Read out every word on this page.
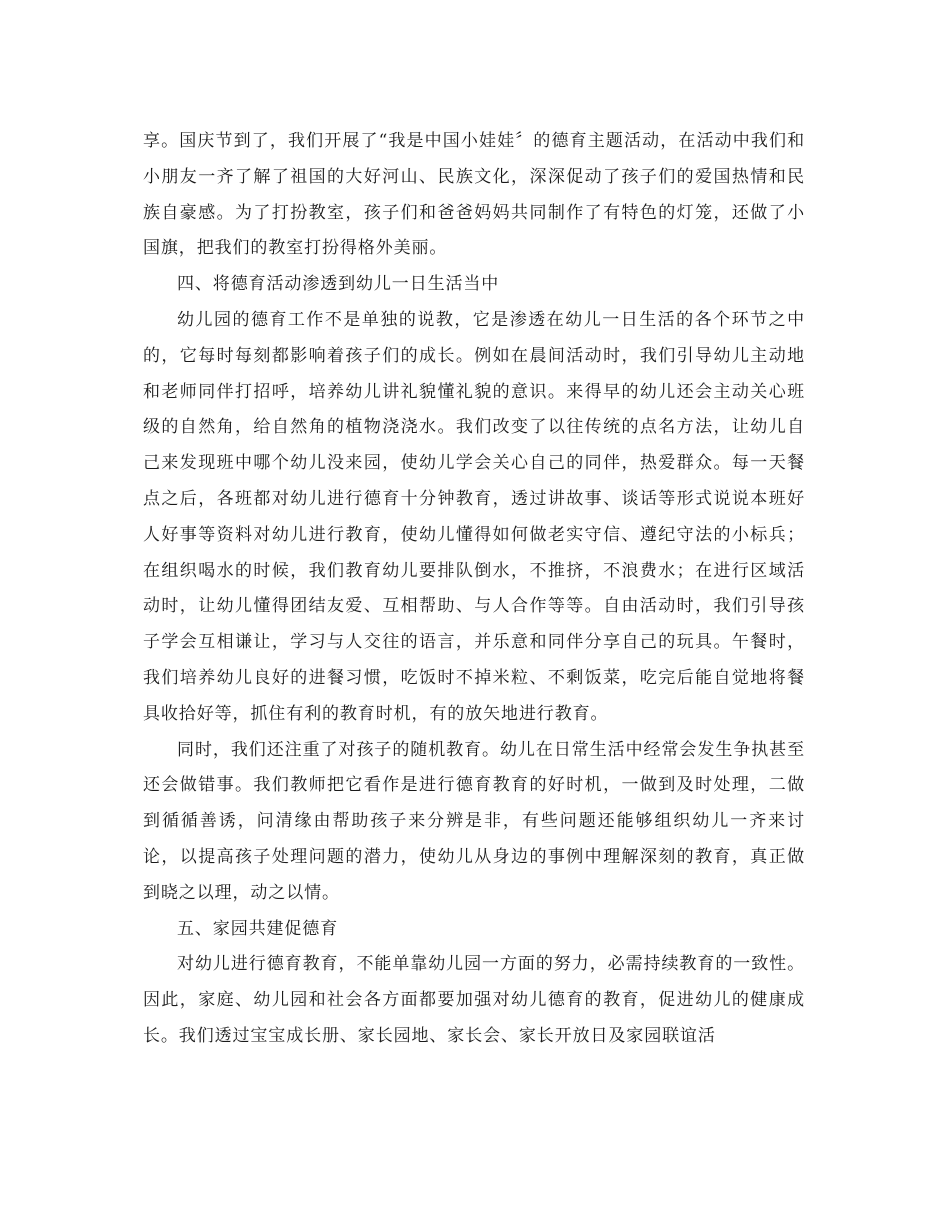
享。国庆节到了，我们开展了“我是中国小娃娃〞的德育主题活动，在活动中我们和小朋友一齐了解了祖国的大好河山、民族文化，深深促动了孩子们的爱国热情和民族自豪感。为了打扮教室，孩子们和爸爸妈妈共同制作了有特色的灯笼，还做了小国旗，把我们的教室打扮得格外美丽。

四、将德育活动渗透到幼儿一日生活当中

幼儿园的德育工作不是单独的说教，它是渗透在幼儿一日生活的各个环节之中的，它每时每刻都影响着孩子们的成长。例如在晨间活动时，我们引导幼儿主动地和老师同伴打招呼，培养幼儿讲礼貌懂礼貌的意识。来得早的幼儿还会主动关心班级的自然角，给自然角的植物浇浇水。我们改变了以往传统的点名方法，让幼儿自己来发现班中哪个幼儿没来园，使幼儿学会关心自己的同伴，热爱群众。每一天餐点之后，各班都对幼儿进行德育十分钟教育，透过讲故事、谈话等形式说说本班好人好事等资料对幼儿进行教育，使幼儿懂得如何做老实守信、遵纪守法的小标兵；在组织喝水的时候，我们教育幼儿要排队倒水，不推挤，不浪费水；在进行区域活动时，让幼儿懂得团结友爱、互相帮助、与人合作等等。自由活动时，我们引导孩子学会互相谦让，学习与人交往的语言，并乐意和同伴分享自己的玩具。午餐时，我们培养幼儿良好的进餐习惯，吃饭时不掉米粒、不剩饭菜，吃完后能自觉地将餐具收拾好等，抓住有利的教育时机，有的放矢地进行教育。

同时，我们还注重了对孩子的随机教育。幼儿在日常生活中经常会发生争执甚至还会做错事。我们教师把它看作是进行德育教育的好时机，一做到及时处理，二做到循循善诱，问清缘由帮助孩子来分辨是非，有些问题还能够组织幼儿一齐来讨论，以提高孩子处理问题的潜力，使幼儿从身边的事例中理解深刻的教育，真正做到晓之以理，动之以情。

五、家园共建促德育

对幼儿进行德育教育，不能单靠幼儿园一方面的努力，必需持续教育的一致性。因此，家庭、幼儿园和社会各方面都要加强对幼儿德育的教育，促进幼儿的健康成长。我们透过宝宝成长册、家长园地、家长会、家长开放日及家园联谊活
